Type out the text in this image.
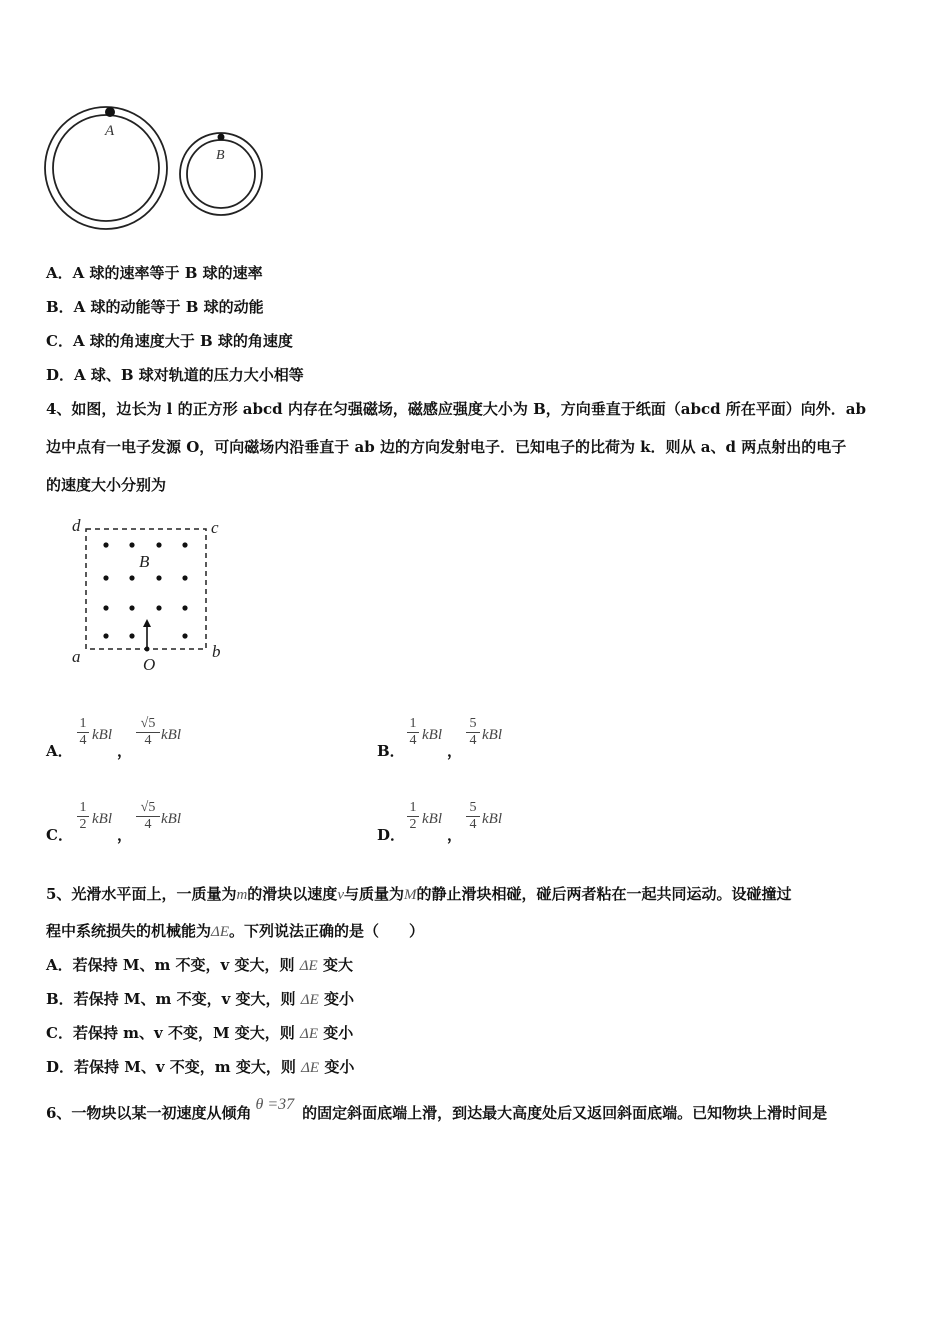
A
B
A．A 球的速率等于 B 球的速率
B．A 球的动能等于 B 球的动能
C．A 球的角速度大于 B 球的角速度
D．A 球、B 球对轨道的压力大小相等
4、如图，边长为 l 的正方形 abcd 内存在匀强磁场，磁感应强度大小为 B，方向垂直于纸面（abcd 所在平面）向外．ab
边中点有一电子发源 O，可向磁场内沿垂直于 ab 边的方向发射电子．已知电子的比荷为 k．则从 a、d 两点射出的电子
的速度大小分别为
d	c
a	b
B
O
A．
1
4 kBl
，
√5
4 kBl
B．
1
4 kBl
，
5
4 kBl
C．
1
2 kBl
，
√5
4 kBl
D．
1
2 kBl
，
5
4 kBl
5、光滑水平面上，一质量为m的滑块以速度v与质量为M的静止滑块相碰，碰后两者粘在一起共同运动。设碰撞过
程中系统损失的机械能为ΔE。下列说法正确的是（　　）
A．若保持 M、m 不变，v 变大，则 ΔE 变大
B．若保持 M、m 不变，v 变大，则 ΔE 变小
C．若保持 m、v 不变，M 变大，则 ΔE 变小
D．若保持 M、v 不变，m 变大，则 ΔE 变小
6、一物块以某一初速度从倾角 θ =37 的固定斜面底端上滑，到达最大高度处后又返回斜面底端。已知物块上滑时间是
